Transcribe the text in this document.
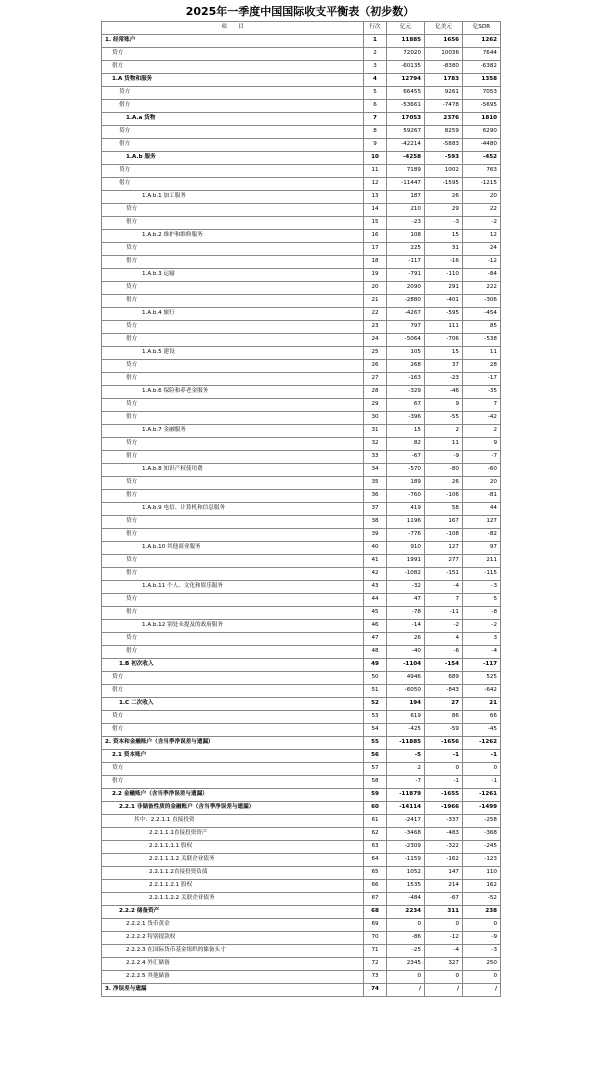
2025年一季度中国国际收支平衡表（初步数）
项　　目	行次	亿元	亿美元	亿SDR
1. 经常账户	1	11885	1656	1262
贷方	2	72020	10036	7644
借方	3	-60135	-8380	-6382
1.A 货物和服务	4	12794	1783	1358
贷方	5	66455	9261	7053
借方	6	-53661	-7478	-5695
1.A.a 货物	7	17053	2376	1810
贷方	8	59267	8259	6290
借方	9	-42214	-5883	-4480
1.A.b 服务	10	-4258	-593	-452
贷方	11	7189	1002	763
借方	12	-11447	-1595	-1215
1.A.b.1 加工服务	13	187	26	20
贷方	14	210	29	22
借方	15	-23	-3	-2
1.A.b.2 维护和维修服务	16	108	15	12
贷方	17	225	31	24
借方	18	-117	-16	-12
1.A.b.3 运输	19	-791	-110	-84
贷方	20	2090	291	222
借方	21	-2880	-401	-306
1.A.b.4 旅行	22	-4267	-595	-454
贷方	23	797	111	85
借方	24	-5064	-706	-538
1.A.b.5 建设	25	105	15	11
贷方	26	268	37	28
借方	27	-163	-23	-17
1.A.b.6 保险和养老金服务	28	-329	-46	-35
贷方	29	67	9	7
借方	30	-396	-55	-42
1.A.b.7 金融服务	31	15	2	2
贷方	32	82	11	9
借方	33	-67	-9	-7
1.A.b.8 知识产权使用费	34	-570	-80	-60
贷方	35	189	26	20
借方	36	-760	-106	-81
1.A.b.9 电信、计算机和信息服务	37	419	58	44
贷方	38	1196	167	127
借方	39	-776	-108	-82
1.A.b.10 其他商业服务	40	910	127	97
贷方	41	1991	277	211
借方	42	-1082	-151	-115
1.A.b.11 个人、文化和娱乐服务	43	-32	-4	-3
贷方	44	47	7	5
借方	45	-78	-11	-8
1.A.b.12 别处未提及的政府服务	46	-14	-2	-2
贷方	47	26	4	3
借方	48	-40	-6	-4
1.B 初次收入	49	-1104	-154	-117
贷方	50	4946	689	525
借方	51	-6050	-843	-642
1.C 二次收入	52	194	27	21
贷方	53	619	86	66
借方	54	-425	-59	-45
2. 资本和金融账户（含当季净误差与遗漏）	55	-11885	-1656	-1262
2.1 资本账户	56	-5	-1	-1
贷方	57	2	0	0
借方	58	-7	-1	-1
2.2 金融账户（含当季净误差与遗漏）	59	-11879	-1655	-1261
2.2.1 非储备性质的金融账户（含当季净误差与遗漏）	60	-14114	-1966	-1499
其中：2.2.1.1 直接投资	61	-2417	-337	-258
2.2.1.1.1直接投资资产	62	-3468	-483	-368
2.2.1.1.1.1 股权	63	-2309	-322	-245
2.2.1.1.1.2 关联企业债务	64	-1159	-162	-123
2.2.1.1.2直接投资负债	65	1052	147	110
2.2.1.1.2.1 股权	66	1535	214	162
2.2.1.1.2.2 关联企业债务	67	-484	-67	-52
2.2.2 储备资产	68	2234	311	238
2.2.2.1 货币黄金	69	0	0	0
2.2.2.2 特别提款权	70	-86	-12	-9
2.2.2.3 在国际货币基金组织的储备头寸	71	-25	-4	-3
2.2.2.4 外汇储备	72	2345	327	250
2.2.2.5 其他储备	73	0	0	0
3. 净误差与遗漏	74	/	/	/
